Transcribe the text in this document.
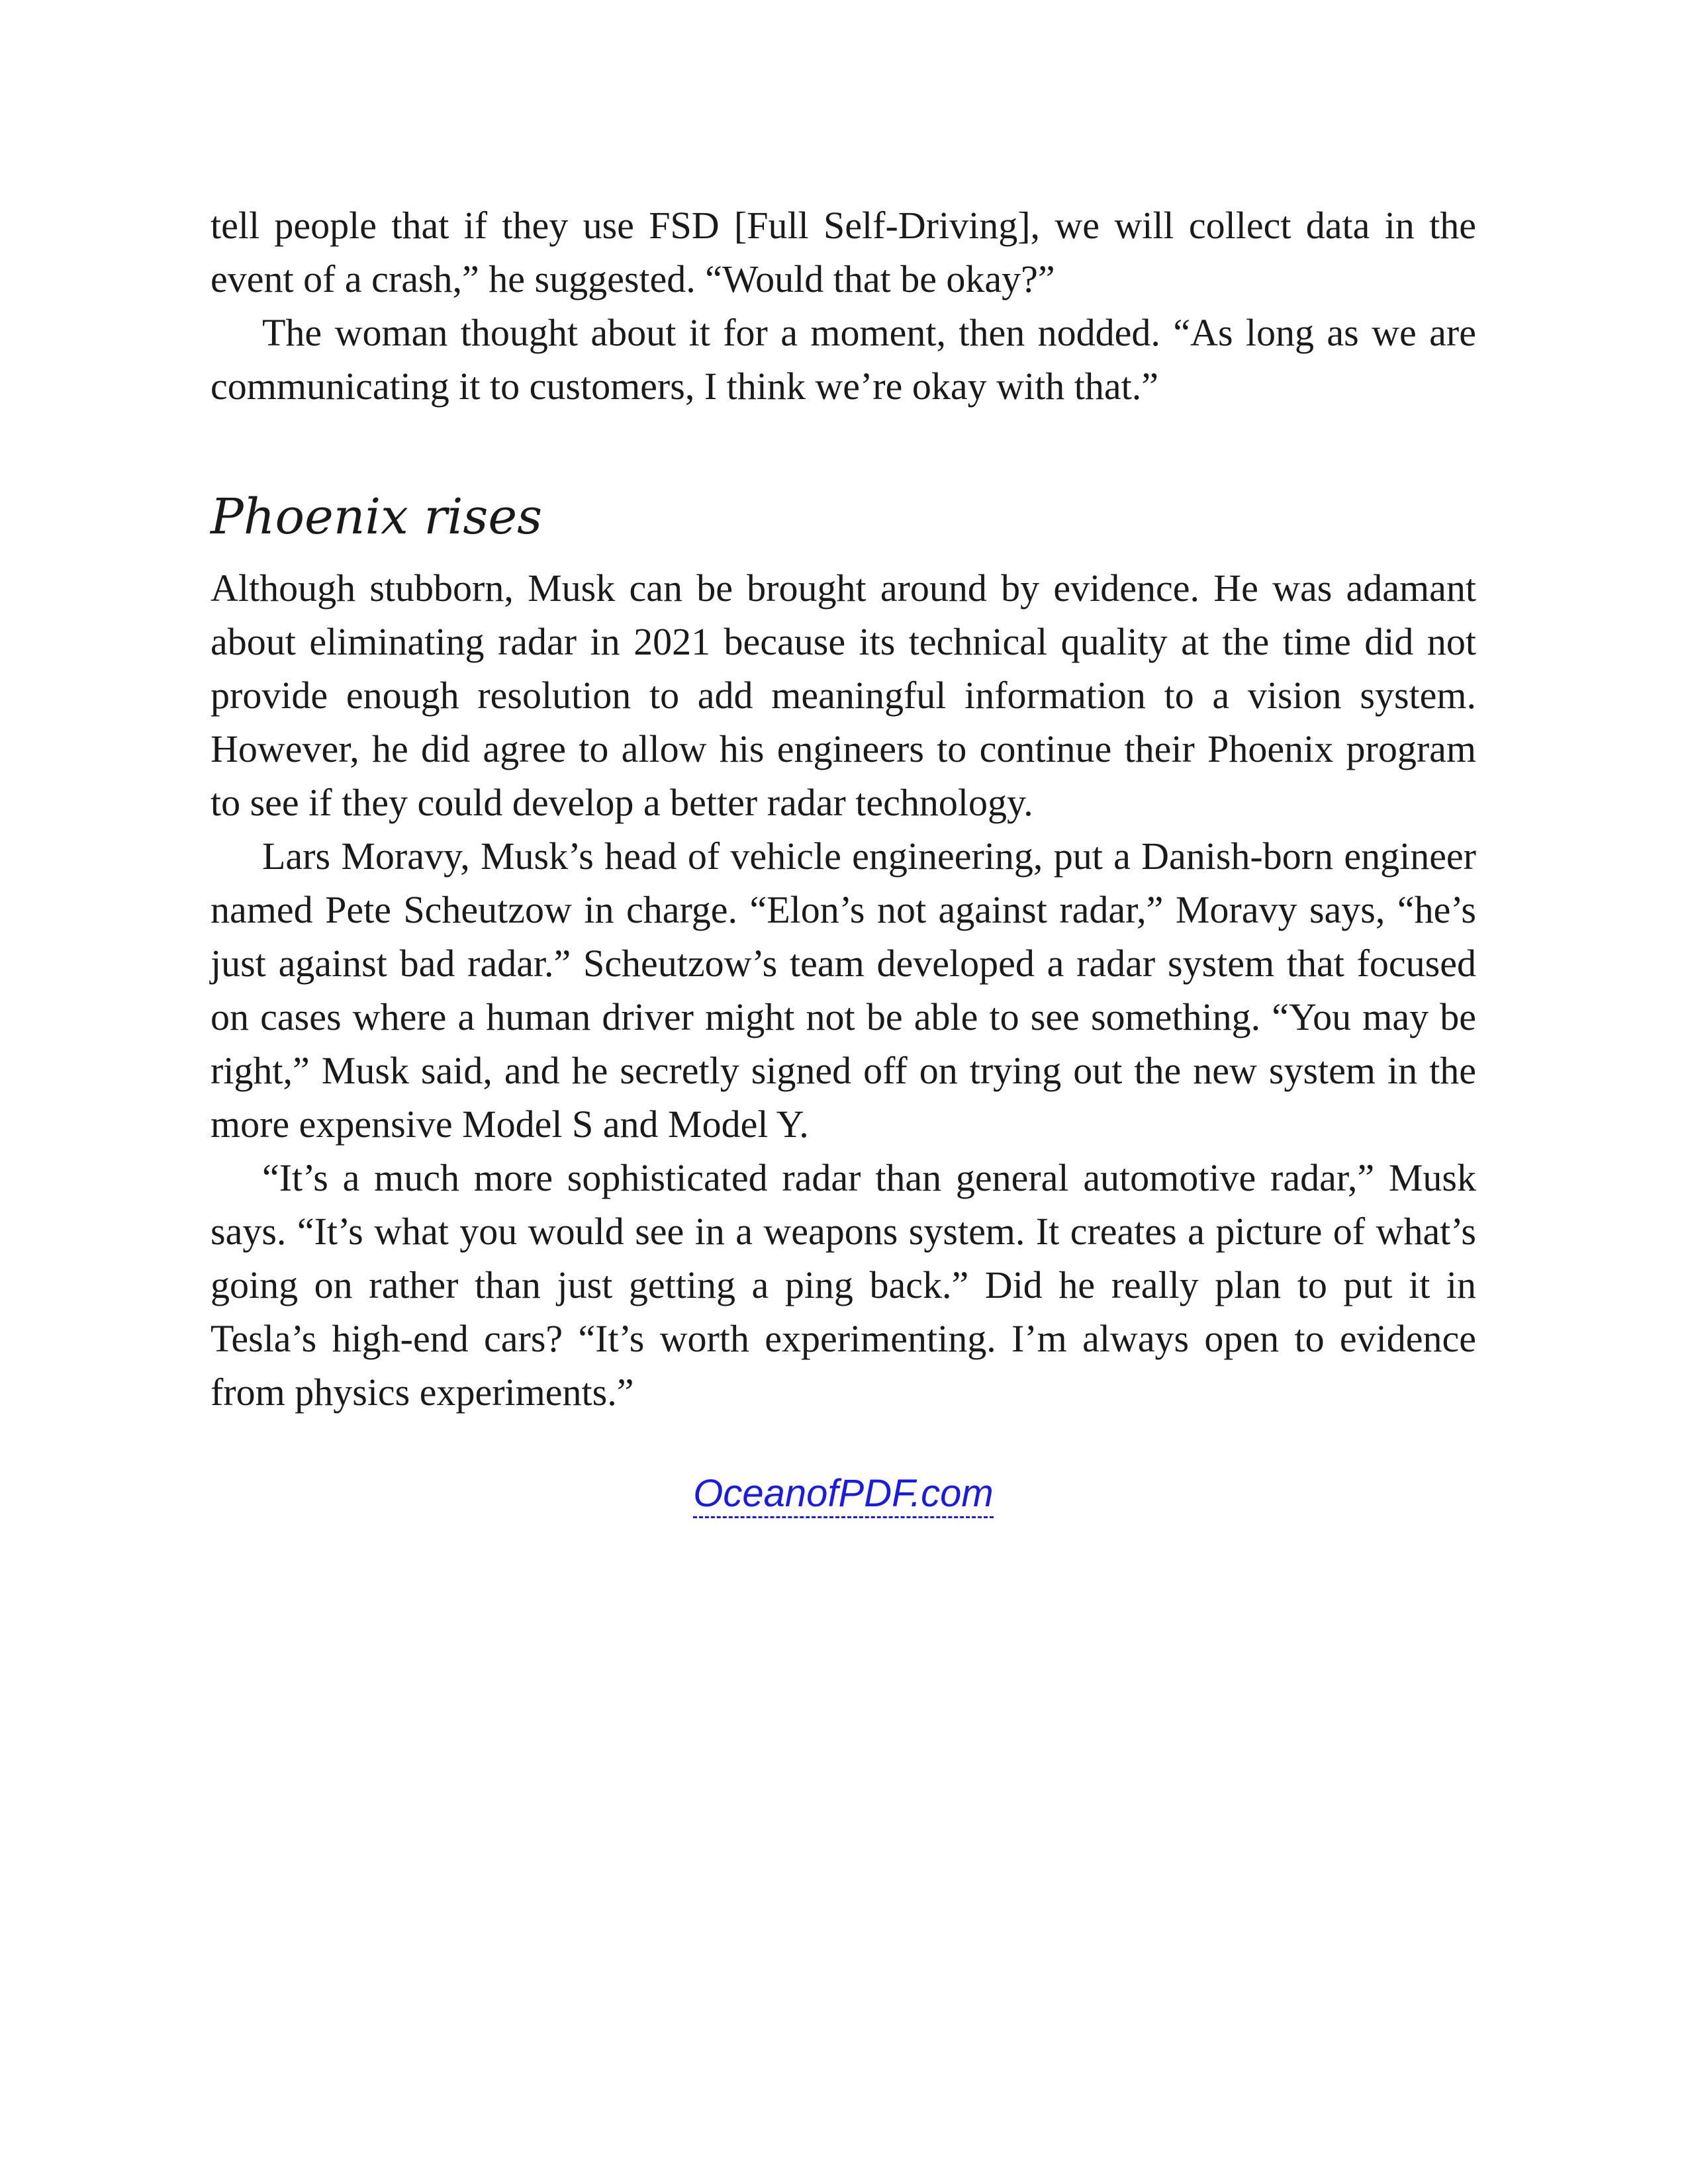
tell people that if they use FSD [Full Self-Driving], we will collect data in the event of a crash,” he suggested. “Would that be okay?”

The woman thought about it for a moment, then nodded. “As long as we are communicating it to customers, I think we’re okay with that.”

Phoenix rises

Although stubborn, Musk can be brought around by evidence. He was adamant about eliminating radar in 2021 because its technical quality at the time did not provide enough resolution to add meaningful information to a vision system. However, he did agree to allow his engineers to continue their Phoenix program to see if they could develop a better radar technology.

Lars Moravy, Musk’s head of vehicle engineering, put a Danish-born engineer named Pete Scheutzow in charge. “Elon’s not against radar,” Moravy says, “he’s just against bad radar.” Scheutzow’s team developed a radar system that focused on cases where a human driver might not be able to see something. “You may be right,” Musk said, and he secretly signed off on trying out the new system in the more expensive Model S and Model Y.

“It’s a much more sophisticated radar than general automotive radar,” Musk says. “It’s what you would see in a weapons system. It creates a picture of what’s going on rather than just getting a ping back.” Did he really plan to put it in Tesla’s high-end cars? “It’s worth experimenting. I’m always open to evidence from physics experiments.”

OceanofPDF.com
